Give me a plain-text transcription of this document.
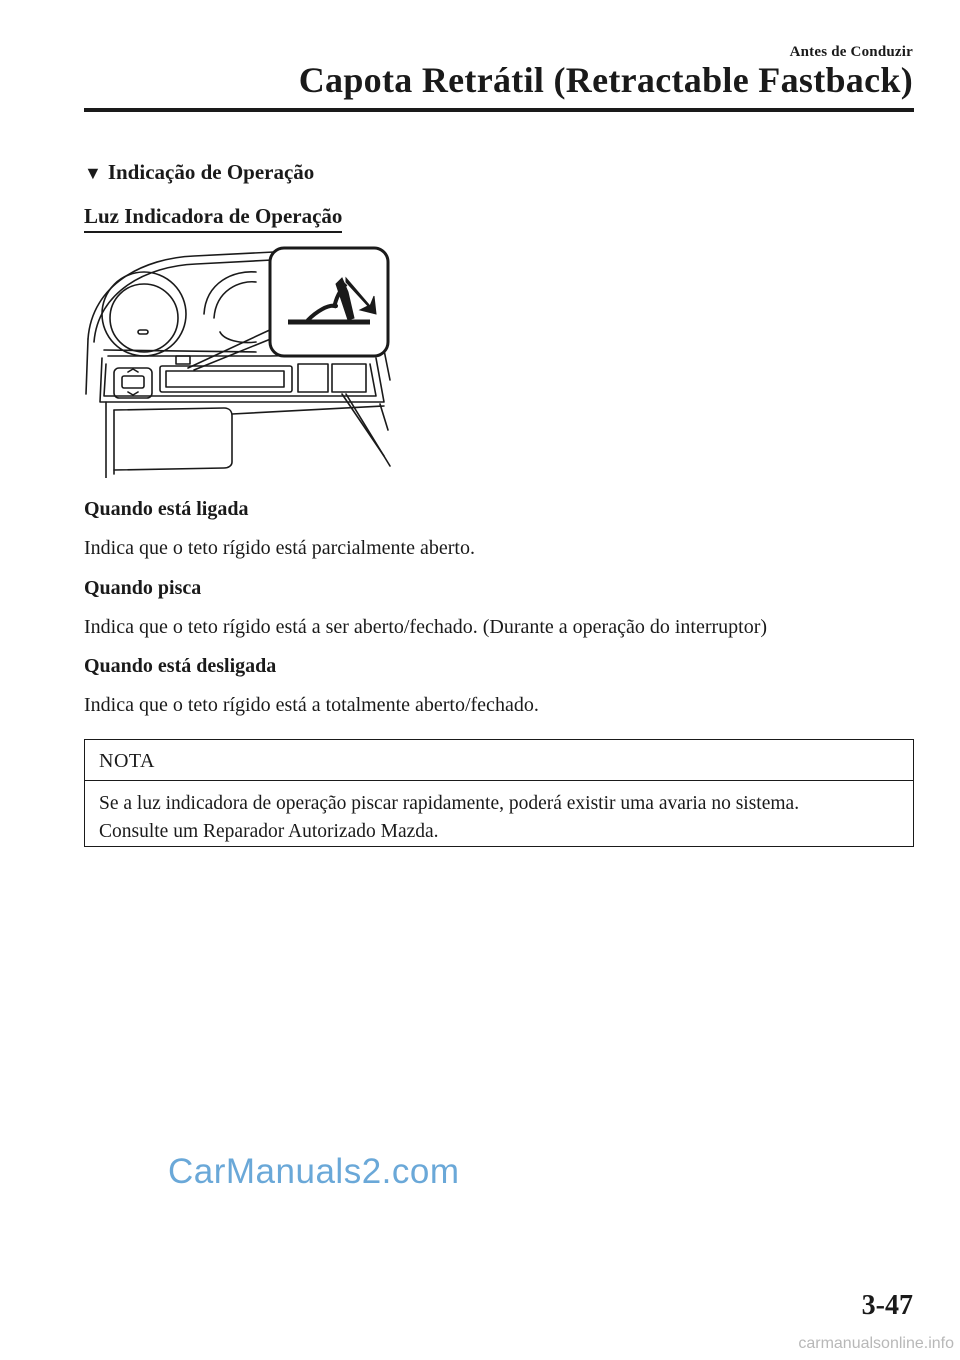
Antes de Conduzir
Capota Retrátil (Retractable Fastback)
▼ Indicação de Operação
Luz Indicadora de Operação
Quando está ligada
Indica que o teto rígido está parcialmente aberto.
Quando pisca
Indica que o teto rígido está a ser aberto/fechado. (Durante a operação do interruptor)
Quando está desligada
Indica que o teto rígido está a totalmente aberto/fechado.
NOTA
Se a luz indicadora de operação piscar rapidamente, poderá existir uma avaria no sistema.
Consulte um Reparador Autorizado Mazda.
CarManuals2.com
3-47
carmanualsonline.info
